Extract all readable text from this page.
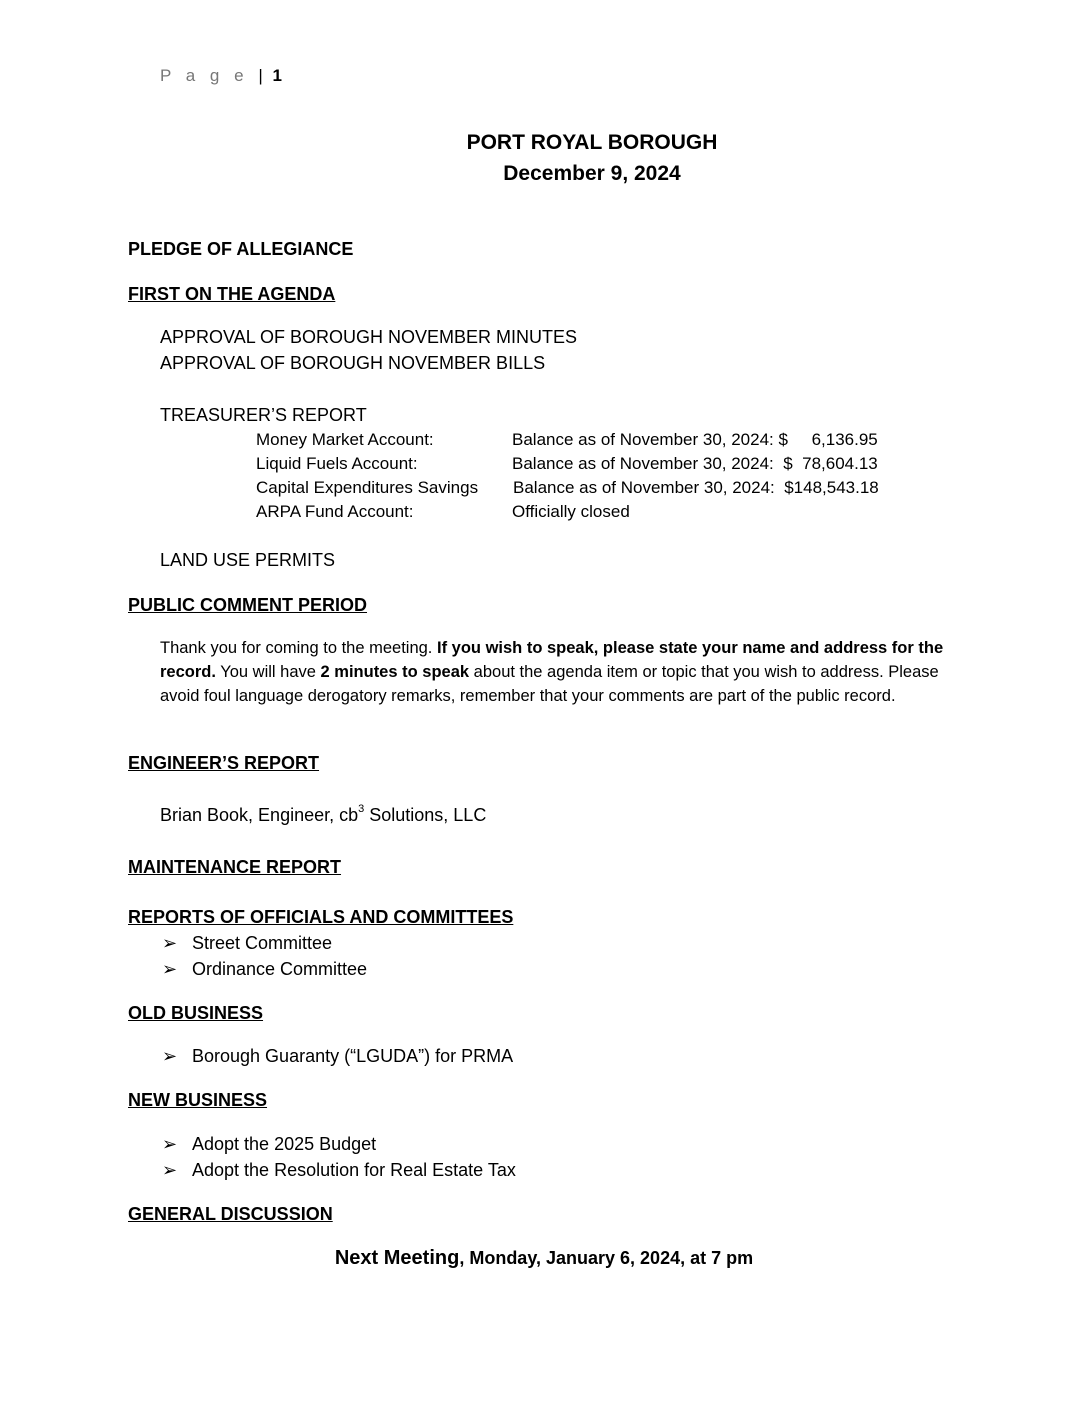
P a g e | 1
PORT ROYAL BOROUGH
December 9, 2024
PLEDGE OF ALLEGIANCE
FIRST ON THE AGENDA
APPROVAL OF BOROUGH NOVEMBER MINUTES
APPROVAL OF BOROUGH NOVEMBER BILLS
TREASURER’S REPORT
Money Market Account:	Balance as of November 30, 2024: $     6,136.95
Liquid Fuels Account:	Balance as of November 30, 2024:  $  78,604.13
Capital Expenditures Savings Balance as of November 30, 2024:  $148,543.18
ARPA Fund Account:	Officially closed
LAND USE PERMITS
PUBLIC COMMENT PERIOD
Thank you for coming to the meeting. If you wish to speak, please state your name and address for the record. You will have 2 minutes to speak about the agenda item or topic that you wish to address. Please avoid foul language derogatory remarks, remember that your comments are part of the public record.
ENGINEER’S REPORT
Brian Book, Engineer, $cb^3$ Solutions, LLC
MAINTENANCE REPORT
REPORTS OF OFFICIALS AND COMMITTEES
➢ Street Committee
➢ Ordinance Committee
OLD BUSINESS
➢ Borough Guaranty (“LGUDA”) for PRMA
NEW BUSINESS
➢ Adopt the 2025 Budget
➢ Adopt the Resolution for Real Estate Tax
GENERAL DISCUSSION
Next Meeting, Monday, January 6, 2024, at 7 pm
